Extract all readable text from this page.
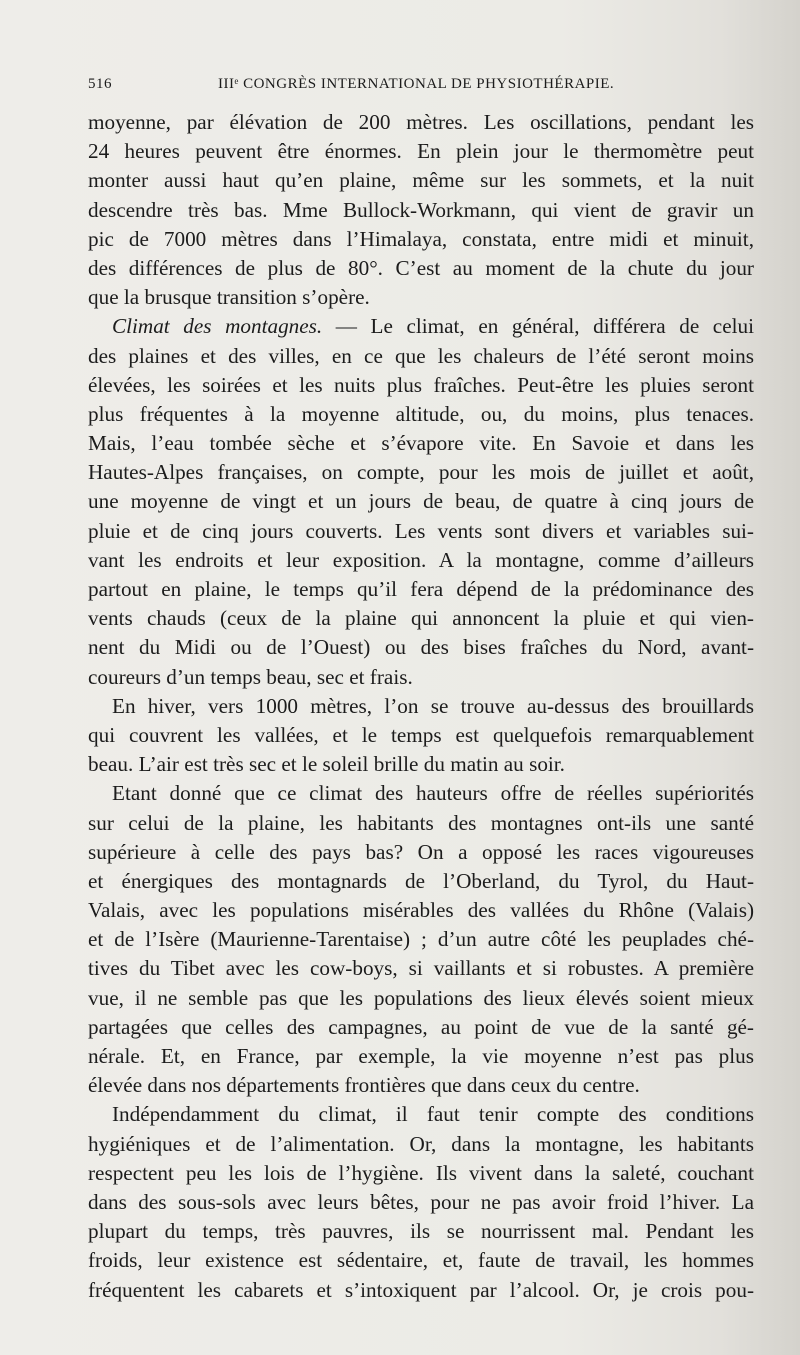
516	IIIᵉ CONGRÈS INTERNATIONAL DE PHYSIOTHÉRAPIE.
moyenne, par élévation de 200 mètres. Les oscillations, pendant les
24 heures peuvent être énormes. En plein jour le thermomètre peut
monter aussi haut qu’en plaine, même sur les sommets, et la nuit
descendre très bas. Mme Bullock-Workmann, qui vient de gravir un
pic de 7000 mètres dans l’Himalaya, constata, entre midi et minuit,
des différences de plus de 80°. C’est au moment de la chute du jour
que la brusque transition s’opère.
Climat des montagnes. — Le climat, en général, différera de celui
des plaines et des villes, en ce que les chaleurs de l’été seront moins
élevées, les soirées et les nuits plus fraîches. Peut-être les pluies seront
plus fréquentes à la moyenne altitude, ou, du moins, plus tenaces.
Mais, l’eau tombée sèche et s’évapore vite. En Savoie et dans les
Hautes-Alpes françaises, on compte, pour les mois de juillet et août,
une moyenne de vingt et un jours de beau, de quatre à cinq jours de
pluie et de cinq jours couverts. Les vents sont divers et variables sui-
vant les endroits et leur exposition. A la montagne, comme d’ailleurs
partout en plaine, le temps qu’il fera dépend de la prédominance des
vents chauds (ceux de la plaine qui annoncent la pluie et qui vien-
nent du Midi ou de l’Ouest) ou des bises fraîches du Nord, avant-
coureurs d’un temps beau, sec et frais.
En hiver, vers 1000 mètres, l’on se trouve au-dessus des brouillards
qui couvrent les vallées, et le temps est quelquefois remarquablement
beau. L’air est très sec et le soleil brille du matin au soir.
Etant donné que ce climat des hauteurs offre de réelles supériorités
sur celui de la plaine, les habitants des montagnes ont-ils une santé
supérieure à celle des pays bas? On a opposé les races vigoureuses
et énergiques des montagnards de l’Oberland, du Tyrol, du Haut-
Valais, avec les populations misérables des vallées du Rhône (Valais)
et de l’Isère (Maurienne-Tarentaise) ; d’un autre côté les peuplades ché-
tives du Tibet avec les cow-boys, si vaillants et si robustes. A première
vue, il ne semble pas que les populations des lieux élevés soient mieux
partagées que celles des campagnes, au point de vue de la santé gé-
nérale. Et, en France, par exemple, la vie moyenne n’est pas plus
élevée dans nos départements frontières que dans ceux du centre.
Indépendamment du climat, il faut tenir compte des conditions
hygiéniques et de l’alimentation. Or, dans la montagne, les habitants
respectent peu les lois de l’hygiène. Ils vivent dans la saleté, couchant
dans des sous-sols avec leurs bêtes, pour ne pas avoir froid l’hiver. La
plupart du temps, très pauvres, ils se nourrissent mal. Pendant les
froids, leur existence est sédentaire, et, faute de travail, les hommes
fréquentent les cabarets et s’intoxiquent par l’alcool. Or, je crois pou-
